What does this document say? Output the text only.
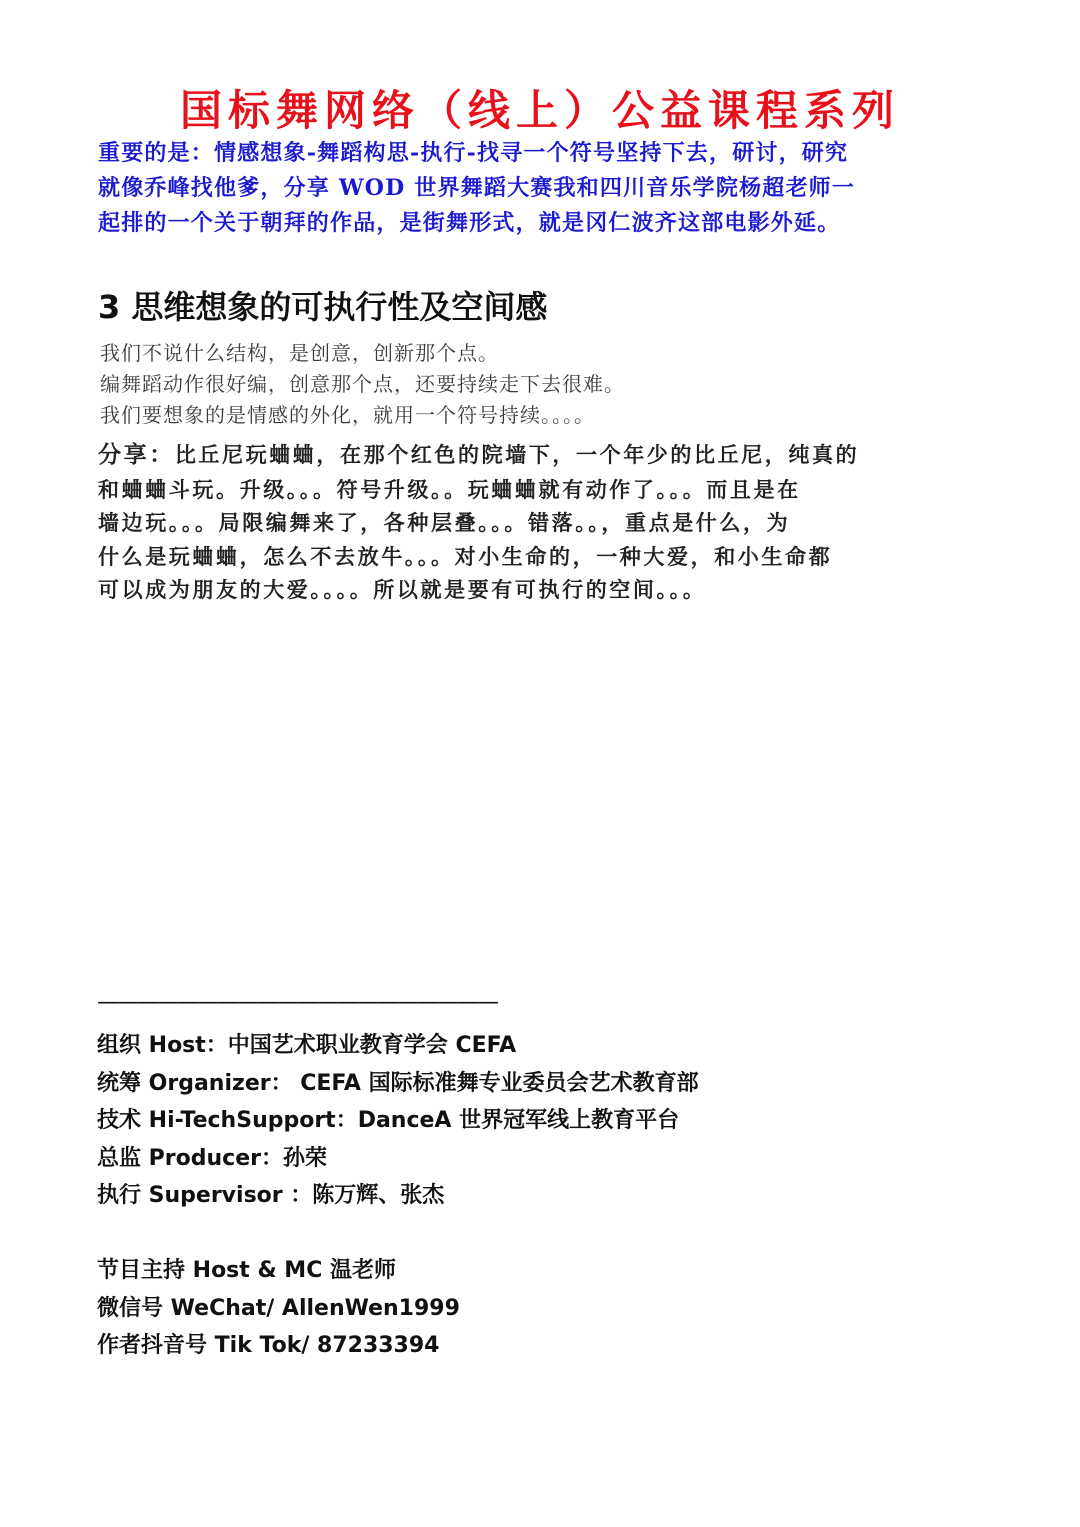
国标舞网络（线上）公益课程系列
重要的是：情感想象-舞蹈构思-执行-找寻一个符号坚持下去，研讨，研究
就像乔峰找他爹，分享 WOD 世界舞蹈大赛我和四川音乐学院杨超老师一
起排的一个关于朝拜的作品，是街舞形式，就是冈仁波齐这部电影外延。
3 思维想象的可执行性及空间感
我们不说什么结构，是创意，创新那个点。
编舞蹈动作很好编，创意那个点，还要持续走下去很难。
我们要想象的是情感的外化，就用一个符号持续。。。。
分享：比丘尼玩蛐蛐，在那个红色的院墙下，一个年少的比丘尼，纯真的
和蛐蛐斗玩。升级。。。符号升级。。玩蛐蛐就有动作了。。。而且是在
墙边玩。。。局限编舞来了，各种层叠。。。错落。。，重点是什么，为
什么是玩蛐蛐，怎么不去放牛。。。对小生命的，一种大爱，和小生命都
可以成为朋友的大爱。。。。所以就是要有可执行的空间。。。
————————————————————
组织 Host：中国艺术职业教育学会 CEFA
统筹 Organizer： CEFA 国际标准舞专业委员会艺术教育部
技术 Hi-TechSupport：DanceA 世界冠军线上教育平台
总监 Producer：孙荣
执行 Supervisor ：陈万辉、张杰
节目主持 Host & MC 温老师
微信号 WeChat/ AllenWen1999
作者抖音号 Tik Tok/ 87233394
